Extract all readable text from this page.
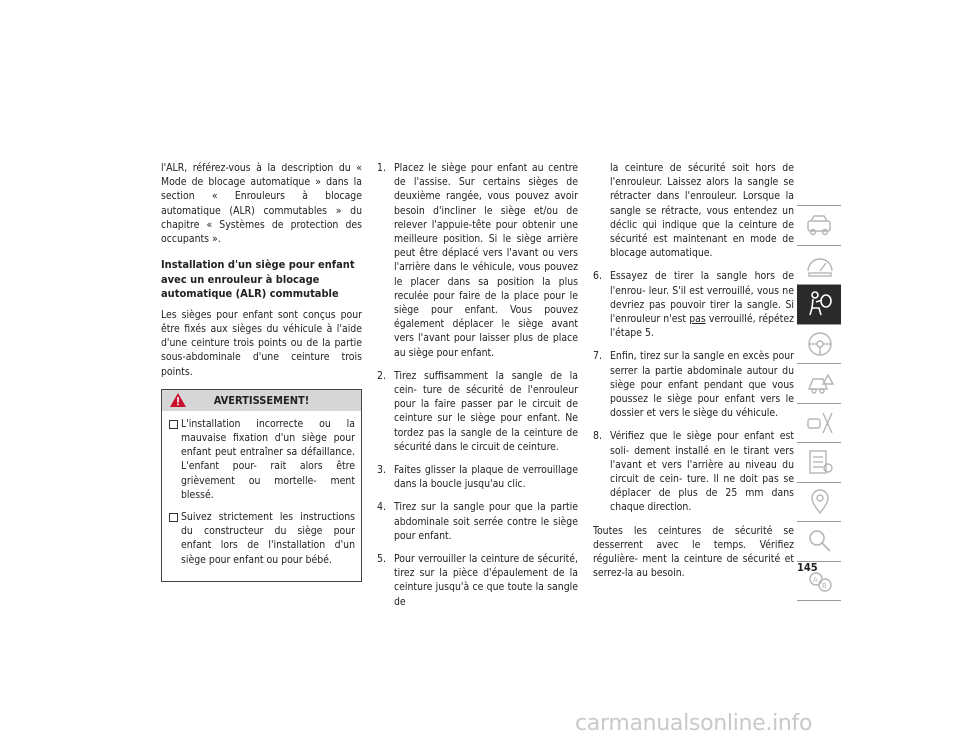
l'ALR, référez-vous à la description du « Mode de blocage automatique » dans la section « Enrouleurs à blocage automatique (ALR) commutables » du chapitre « Systèmes de protection des occupants ».

Installation d'un siège pour enfant avec un enrouleur à blocage automatique (ALR) commutable

Les sièges pour enfant sont conçus pour être fixés aux sièges du véhicule à l'aide d'une ceinture trois points ou de la partie sous-abdominale d'une ceinture trois points.

AVERTISSEMENT!
L'installation incorrecte ou la mauvaise fixation d'un siège pour enfant peut entraîner sa défaillance. L'enfant pour- rait alors être grièvement ou mortelle- ment blessé.
Suivez strictement les instructions du constructeur du siège pour enfant lors de l'installation d'un siège pour enfant ou pour bébé.
1. Placez le siège pour enfant au centre de l'assise. Sur certains sièges de deuxième rangée, vous pouvez avoir besoin d'incliner le siège et/ou de relever l'appuie-tête pour obtenir une meilleure position. Si le siège arrière peut être déplacé vers l'avant ou vers l'arrière dans le véhicule, vous pouvez le placer dans sa position la plus reculée pour faire de la place pour le siège pour enfant. Vous pouvez également déplacer le siège avant vers l'avant pour laisser plus de place au siège pour enfant.
2. Tirez suffisamment la sangle de la cein- ture de sécurité de l'enrouleur pour la faire passer par le circuit de ceinture sur le siège pour enfant. Ne tordez pas la sangle de la ceinture de sécurité dans le circuit de ceinture.
3. Faites glisser la plaque de verrouillage dans la boucle jusqu'au clic.
4. Tirez sur la sangle pour que la partie abdominale soit serrée contre le siège pour enfant.
5. Pour verrouiller la ceinture de sécurité, tirez sur la pièce d'épaulement de la ceinture jusqu'à ce que toute la sangle de
la ceinture de sécurité soit hors de l'enrouleur. Laissez alors la sangle se rétracter dans l'enrouleur. Lorsque la sangle se rétracte, vous entendez un déclic qui indique que la ceinture de sécurité est maintenant en mode de blocage automatique.
6. Essayez de tirer la sangle hors de l'enrou- leur. S'il est verrouillé, vous ne devriez pas pouvoir tirer la sangle. Si l'enrouleur n'est pas verrouillé, répétez l'étape 5.
7. Enfin, tirez sur la sangle en excès pour serrer la partie abdominale autour du siège pour enfant pendant que vous poussez le siège pour enfant vers le dossier et vers le siège du véhicule.
8. Vérifiez que le siège pour enfant est soli- dement installé en le tirant vers l'avant et vers l'arrière au niveau du circuit de cein- ture. Il ne doit pas se déplacer de plus de 25 mm dans chaque direction.

Toutes les ceintures de sécurité se desserrent avec le temps. Vérifiez régulière- ment la ceinture de sécurité et serrez-la au besoin.

A
B
145
carmanualsonline.info
